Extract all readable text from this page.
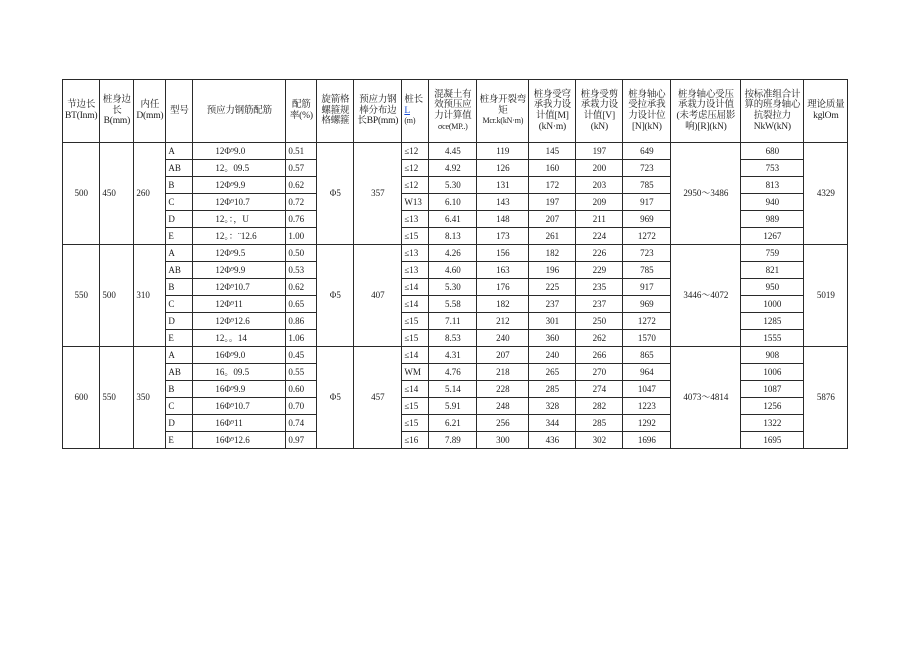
节边长BT(Inm)	桩身边长B(mm)	内任D(mm)	型号	预应力钢筋配筋	配筋率(%)	旋箭格螺箍规格螺箍	预应力钢棒分布边长BP(mm)	桩长L
(m)	混凝土有效预压应力计算值
σce(MP..)	桩身开裂弯矩
Mcr.k(kN·m)	桩身受穹承我力设计值[M](kN·m)	桩身受剪承栽力设计值[V](kN)	桩身轴心受拉承我力设计位[N](kN)	桩身轴心受压承栽力设计值(未考虑压屈影响)[R](kN)	按标准组合计算的班身轴心抗裂拉力NkW(kN)	理论质量kglOm
500	450	260	A	12Φ⁹9.0	0.51	Φ5	357	≤12	4.45	119	145	197	649	2950～3486	680	4329
			AB	12。09.5	0.57			≤12	4.92	126	160	200	723		753	
			B	12Φ⁹9.9	0.62			≤12	5.30	131	172	203	785		813	
			C	12Φ⁹10.7	0.72			W13	6.10	143	197	209	917		940	
			D	12。：，U	0.76			≤13	6.41	148	207	211	969		989	
			E	12。：¨12.6	1.00			≤15	8.13	173	261	224	1272		1267	
550	500	310	A	12Φ⁹9.5	0.50	Φ5	407	≤13	4.26	156	182	226	723	3446～4072	759	5019
			AB	12Φ⁹9.9	0.53			≤13	4.60	163	196	229	785		821	
			B	12Φ⁹10.7	0.62			≤14	5.30	176	225	235	917		950	
			C	12Φ⁹11	0.65			≤14	5.58	182	237	237	969		1000	
			D	12Φ⁹12.6	0.86			≤15	7.11	212	301	250	1272		1285	
			E	12。。14	1.06			≤15	8.53	240	360	262	1570		1555	
600	550	350	A	16Φ⁹9.0	0.45	Φ5	457	≤14	4.31	207	240	266	865	4073～4814	908	5876
			AB	16。09.5	0.55			WM	4.76	218	265	270	964		1006	
			B	16Φ⁹9.9	0.60			≤14	5.14	228	285	274	1047		1087	
			C	16Φ⁹10.7	0.70			≤15	5.91	248	328	282	1223		1256	
			D	16Φ⁹11	0.74			≤15	6.21	256	344	285	1292		1322	
			E	16Φ⁹12.6	0.97			≤16	7.89	300	436	302	1696		1695	
